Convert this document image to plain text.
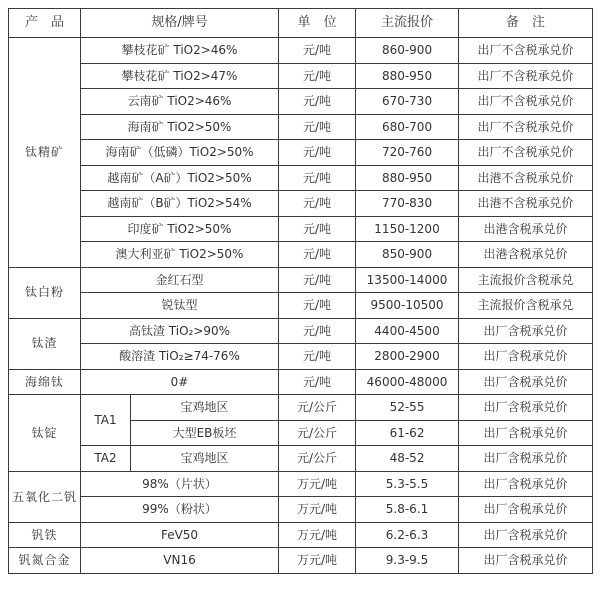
产　品	规格/牌号		单　位	主流报价	备　注
钛精矿	攀枝花矿 TiO2>46%		元/吨	860-900	出厂不含税承兑价
	攀枝花矿 TiO2>47%		元/吨	880-950	出厂不含税承兑价
	云南矿 TiO2>46%		元/吨	670-730	出厂不含税承兑价
	海南矿 TiO2>50%		元/吨	680-700	出厂不含税承兑价
	海南矿（低磷）TiO2>50%		元/吨	720-760	出厂不含税承兑价
	越南矿（A矿）TiO2>50%		元/吨	880-950	出港不含税承兑价
	越南矿（B矿）TiO2>54%		元/吨	770-830	出港不含税承兑价
	印度矿 TiO2>50%		元/吨	1150-1200	出港含税承兑价
	澳大利亚矿 TiO2>50%		元/吨	850-900	出港含税承兑价
钛白粉	金红石型		元/吨	13500-14000	主流报价含税承兑
	锐钛型		元/吨	9500-10500	主流报价含税承兑
钛渣	高钛渣 TiO₂>90%		元/吨	4400-4500	出厂含税承兑价
	酸溶渣 TiO₂≥74-76%		元/吨	2800-2900	出厂含税承兑价
海绵钛	0#		元/吨	46000-48000	出厂含税承兑价
钛锭	TA1	宝鸡地区	元/公斤	52-55	出厂含税承兑价
		大型EB板坯	元/公斤	61-62	出厂含税承兑价
	TA2	宝鸡地区	元/公斤	48-52	出厂含税承兑价
五氧化二钒	98%（片状）		万元/吨	5.3-5.5	出厂含税承兑价
	99%（粉状）		万元/吨	5.8-6.1	出厂含税承兑价
钒铁	FeV50		万元/吨	6.2-6.3	出厂含税承兑价
钒氮合金	VN16		万元/吨	9.3-9.5	出厂含税承兑价
